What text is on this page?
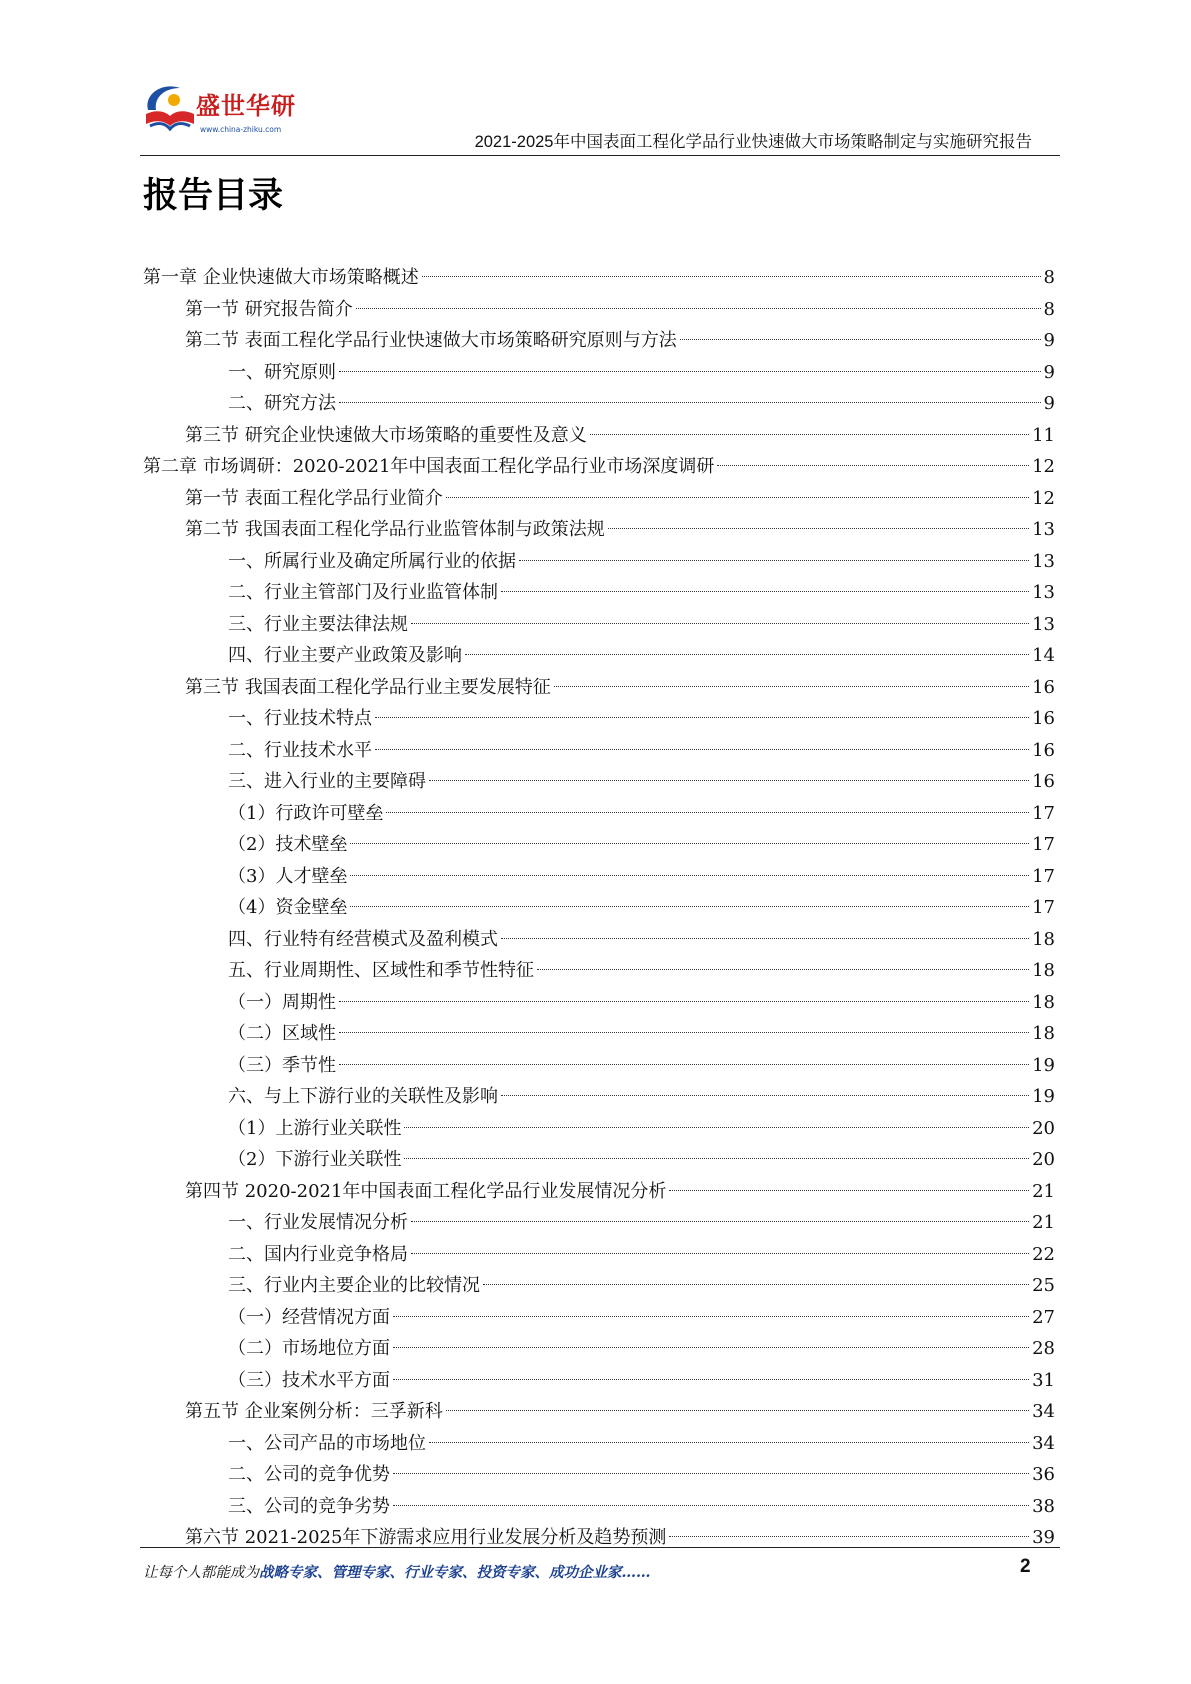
盛世华研
www.china-zhiku.com
2021-2025年中国表面工程化学品行业快速做大市场策略制定与实施研究报告
报告目录
第一章 企业快速做大市场策略概述	8
第一节 研究报告简介	8
第二节 表面工程化学品行业快速做大市场策略研究原则与方法	9
一、研究原则	9
二、研究方法	9
第三节 研究企业快速做大市场策略的重要性及意义	11
第二章 市场调研：2020-2021年中国表面工程化学品行业市场深度调研	12
第一节 表面工程化学品行业简介	12
第二节 我国表面工程化学品行业监管体制与政策法规	13
一、所属行业及确定所属行业的依据	13
二、行业主管部门及行业监管体制	13
三、行业主要法律法规	13
四、行业主要产业政策及影响	14
第三节 我国表面工程化学品行业主要发展特征	16
一、行业技术特点	16
二、行业技术水平	16
三、进入行业的主要障碍	16
（1）行政许可壁垒	17
（2）技术壁垒	17
（3）人才壁垒	17
（4）资金壁垒	17
四、行业特有经营模式及盈利模式	18
五、行业周期性、区域性和季节性特征	18
（一）周期性	18
（二）区域性	18
（三）季节性	19
六、与上下游行业的关联性及影响	19
（1）上游行业关联性	20
（2）下游行业关联性	20
第四节 2020-2021年中国表面工程化学品行业发展情况分析	21
一、行业发展情况分析	21
二、国内行业竞争格局	22
三、行业内主要企业的比较情况	25
（一）经营情况方面	27
（二）市场地位方面	28
（三）技术水平方面	31
第五节 企业案例分析：三孚新科	34
一、公司产品的市场地位	34
二、公司的竞争优势	36
三、公司的竞争劣势	38
第六节 2021-2025年下游需求应用行业发展分析及趋势预测	39
让每个人都能成为战略专家、管理专家、行业专家、投资专家、成功企业家……	2
